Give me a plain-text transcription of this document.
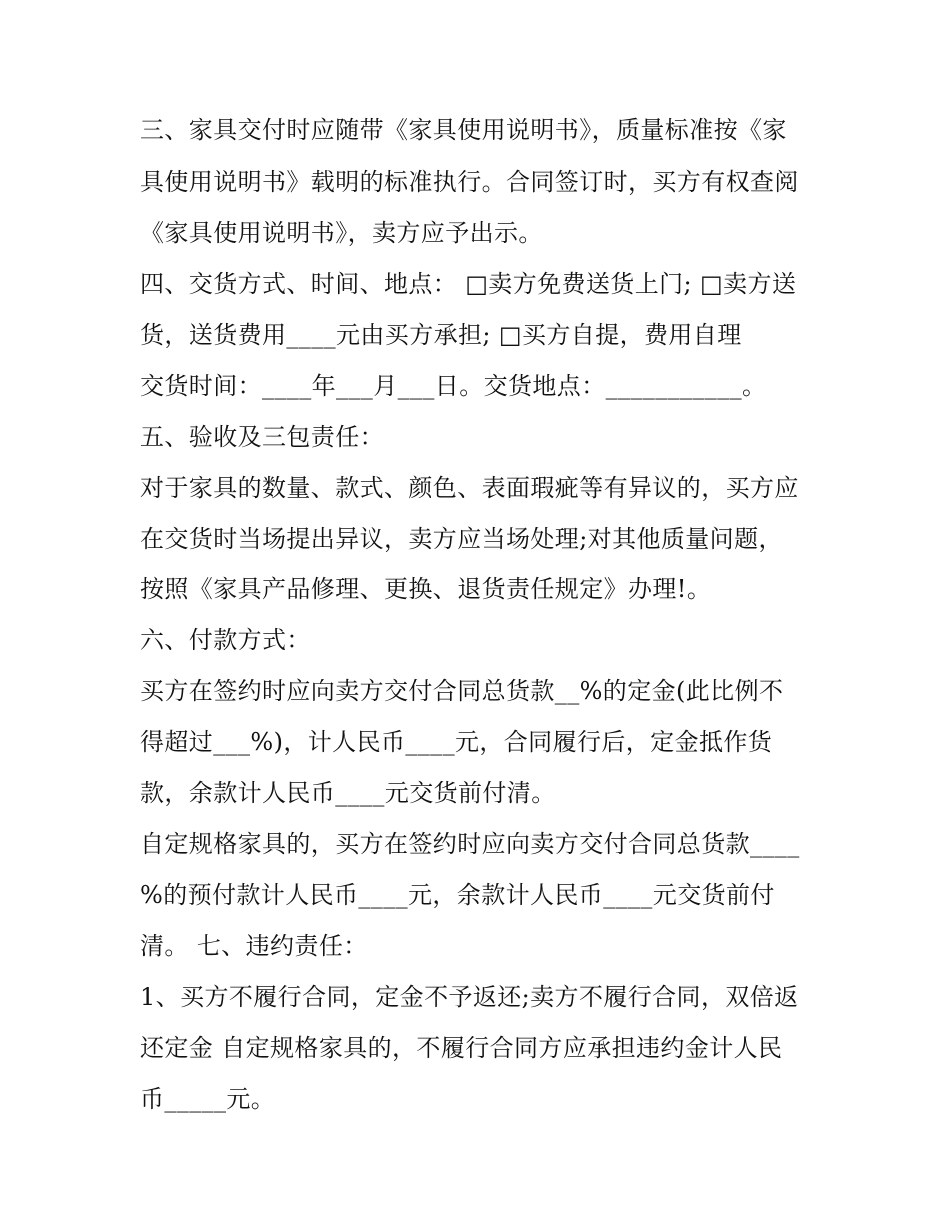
三、家具交付时应随带《家具使用说明书》，质量标准按《家
具使用说明书》载明的标准执行。合同签订时，买方有权查阅
《家具使用说明书》，卖方应予出示。
四、交货方式、时间、地点： □卖方免费送货上门; □卖方送
货，送货费用____元由买方承担; □买方自提，费用自理
交货时间：____年___月___日。交货地点：___________。
五、验收及三包责任：
对于家具的数量、款式、颜色、表面瑕疵等有异议的，买方应
在交货时当场提出异议，卖方应当场处理;对其他质量问题，
按照《家具产品修理、更换、退货责任规定》办理!。
六、付款方式：
买方在签约时应向卖方交付合同总货款__%的定金(此比例不
得超过___%)，计人民币____元，合同履行后，定金抵作货
款，余款计人民币____元交货前付清。
自定规格家具的，买方在签约时应向卖方交付合同总货款____
%的预付款计人民币____元，余款计人民币____元交货前付
清。 七、违约责任：
1、买方不履行合同，定金不予返还;卖方不履行合同，双倍返
还定金 自定规格家具的，不履行合同方应承担违约金计人民
币_____元。
